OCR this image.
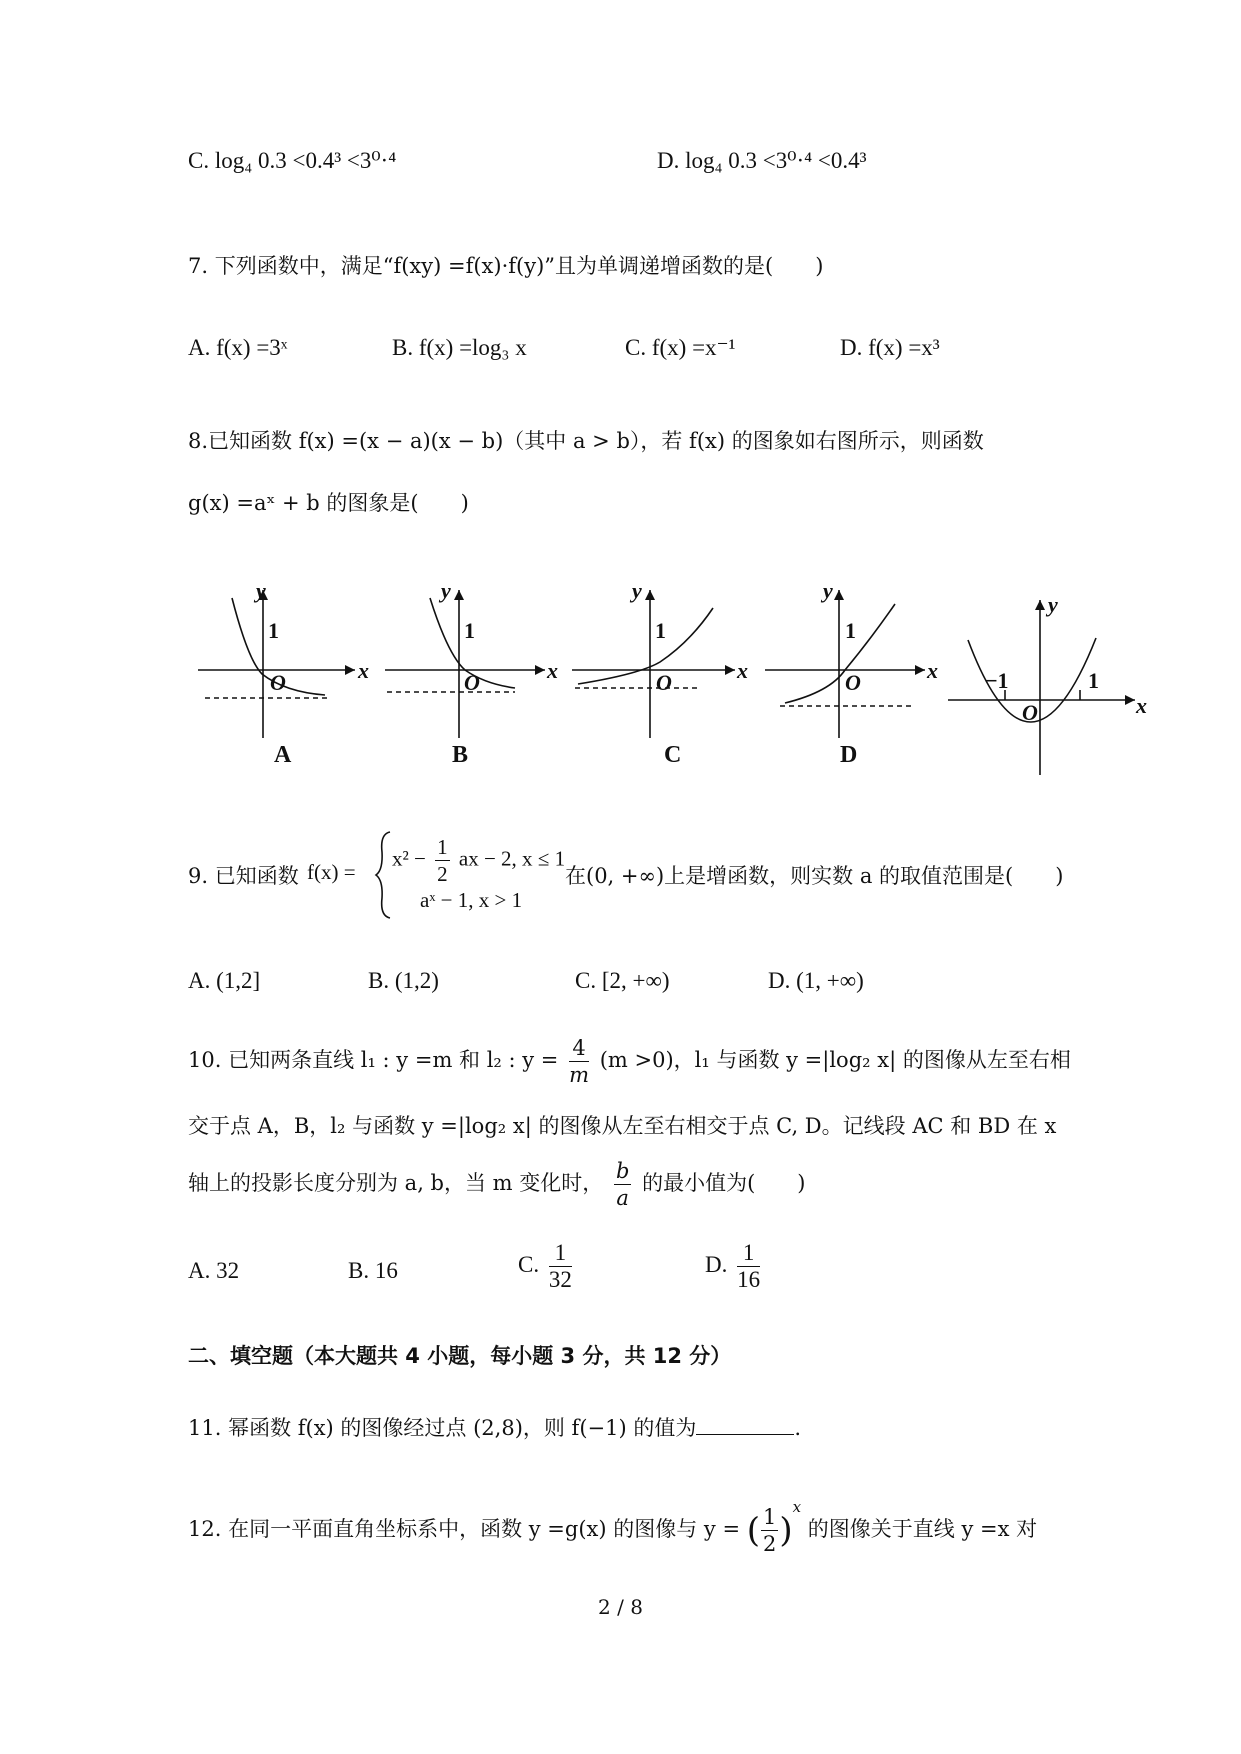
C. log₄ 0.3 <0.4³ <3⁰·⁴	D. log₄ 0.3 <3⁰·⁴ <0.4³
7. 下列函数中，满足“f(xy) =f(x)·f(y)”且为单调递增函数的是(　　)
A. f(x) =3ˣ	B. f(x) =log₃ x	C. f(x) =x⁻¹	D. f(x) =x³
8.已知函数 f(x) =(x − a)(x − b)（其中 a > b），若 f(x) 的图象如右图所示，则函数
g(x) =aˣ + b 的图象是(　　)
y
x
O
1
y
x
O
1
y
x
O
1
y
x
O
1
y
x
O
1
−1
A	B	C	D
9. 已知函数 f(x) =
$x^2 - \frac{1}{2}$ ax − 2, x ≤ 1
aˣ − 1, x > 1
在(0, +∞)上是增函数，则实数 a 的取值范围是(　　)
A. (1,2]	B. (1,2)	C. [2, +∞)	D. (1, +∞)
10. 已知两条直线 l₁ : y =m 和 l₂ : $y = \frac{4}{m} (m >0)$，l₁ 与函数 y =|log₂ x| 的图像从左至右相
交于点 A，B，l₂ 与函数 y =|log₂ x| 的图像从左至右相交于点 C, D。记线段 AC 和 BD 在 x
轴上的投影长度分别为 a, b，当 m 变化时， $\frac{b}{a}$ 的最小值为(　　)
A. 32	B. 16	C. $\frac{1}{32}$	D. $\frac{1}{16}$
二、填空题（本大题共 4 小题，每小题 3 分，共 12 分）
11. 幂函数 f(x) 的图像经过点 (2,8)，则 f(−1) 的值为	.
12. 在同一平面直角坐标系中，函数 y =g(x) 的图像与 y = ( $\frac{1}{2} )^x$ 的图像关于直线 y =x 对
2 / 8
